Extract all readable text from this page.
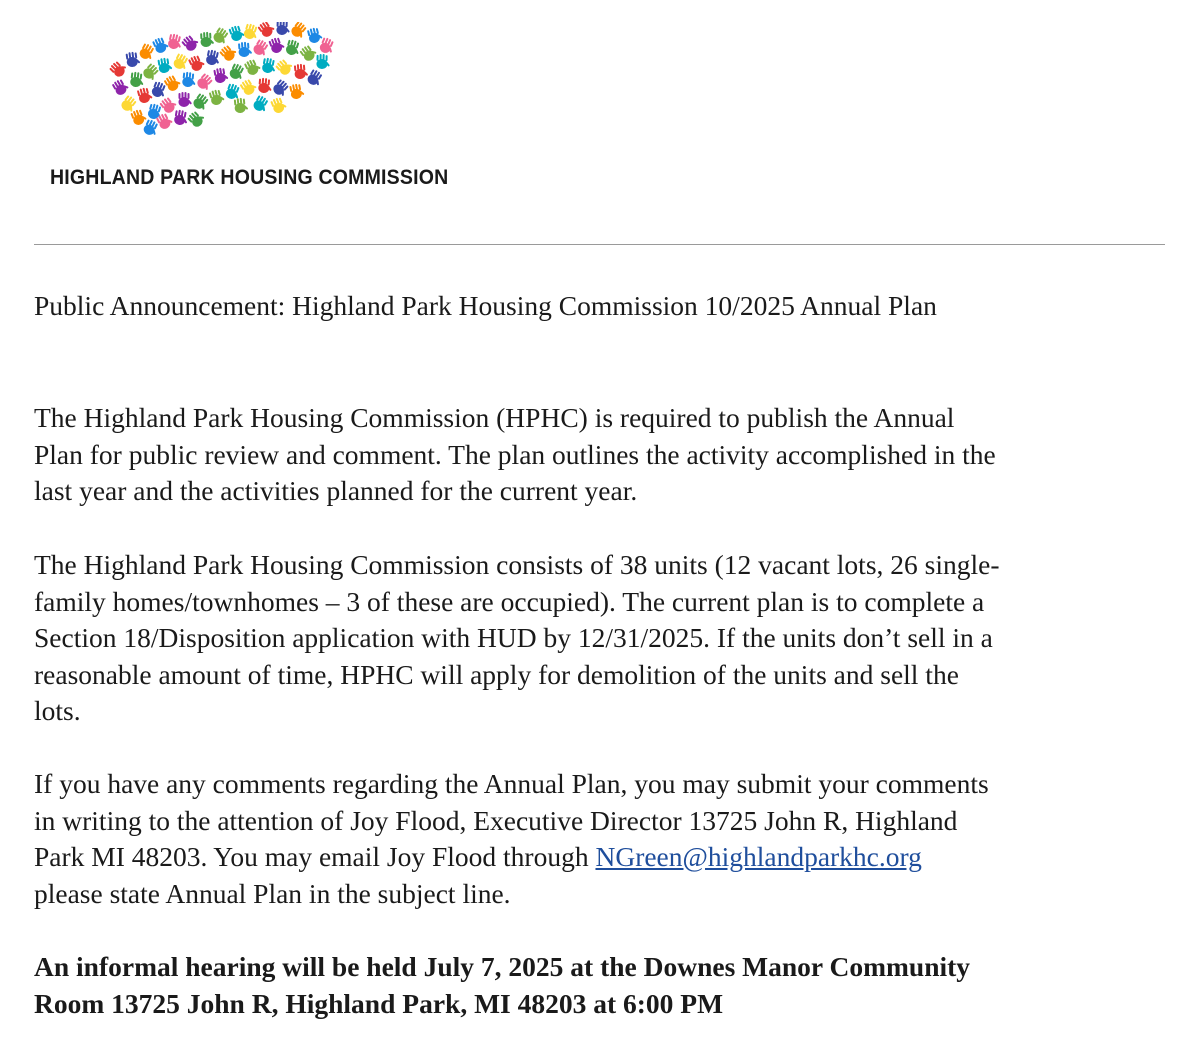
HIGHLAND PARK HOUSING COMMISSION
Public Announcement: Highland Park Housing Commission 10/2025 Annual Plan
The Highland Park Housing Commission (HPHC) is required to publish the Annual
Plan for public review and comment. The plan outlines the activity accomplished in the
last year and the activities planned for the current year.
The Highland Park Housing Commission consists of 38 units (12 vacant lots, 26 single-
family homes/townhomes – 3 of these are occupied). The current plan is to complete a
Section 18/Disposition application with HUD by 12/31/2025. If the units don’t sell in a
reasonable amount of time, HPHC will apply for demolition of the units and sell the
lots.
If you have any comments regarding the Annual Plan, you may submit your comments
in writing to the attention of Joy Flood, Executive Director 13725 John R, Highland
Park MI 48203. You may email Joy Flood through NGreen@highlandparkhc.org
please state Annual Plan in the subject line.
An informal hearing will be held July 7, 2025 at the Downes Manor Community
Room 13725 John R, Highland Park, MI 48203 at 6:00 PM
